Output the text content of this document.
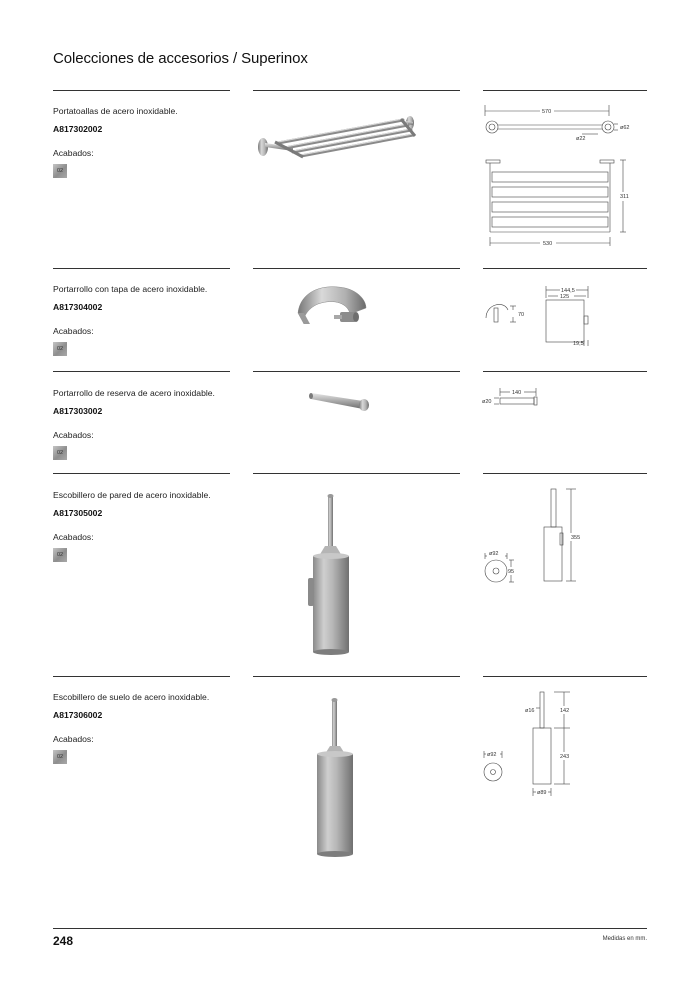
Colecciones de accesorios / Superinox
Portatoallas de acero inoxidable.
A817302002
Acabados:
02
570
ø62
ø22
311
530
Portarrollo con tapa de acero inoxidable.
A817304002
Acabados:
02
144,5
125
70
19,5
Portarrollo de reserva de acero inoxidable.
A817303002
Acabados:
02
140
ø20
Escobillero de pared de acero inoxidable.
A817305002
Acabados:
02	ø92
95
355
Escobillero de suelo de acero inoxidable.
A817306002
Acabados:
02
ø16	142
ø92	243
ø89
248	Medidas en mm.
